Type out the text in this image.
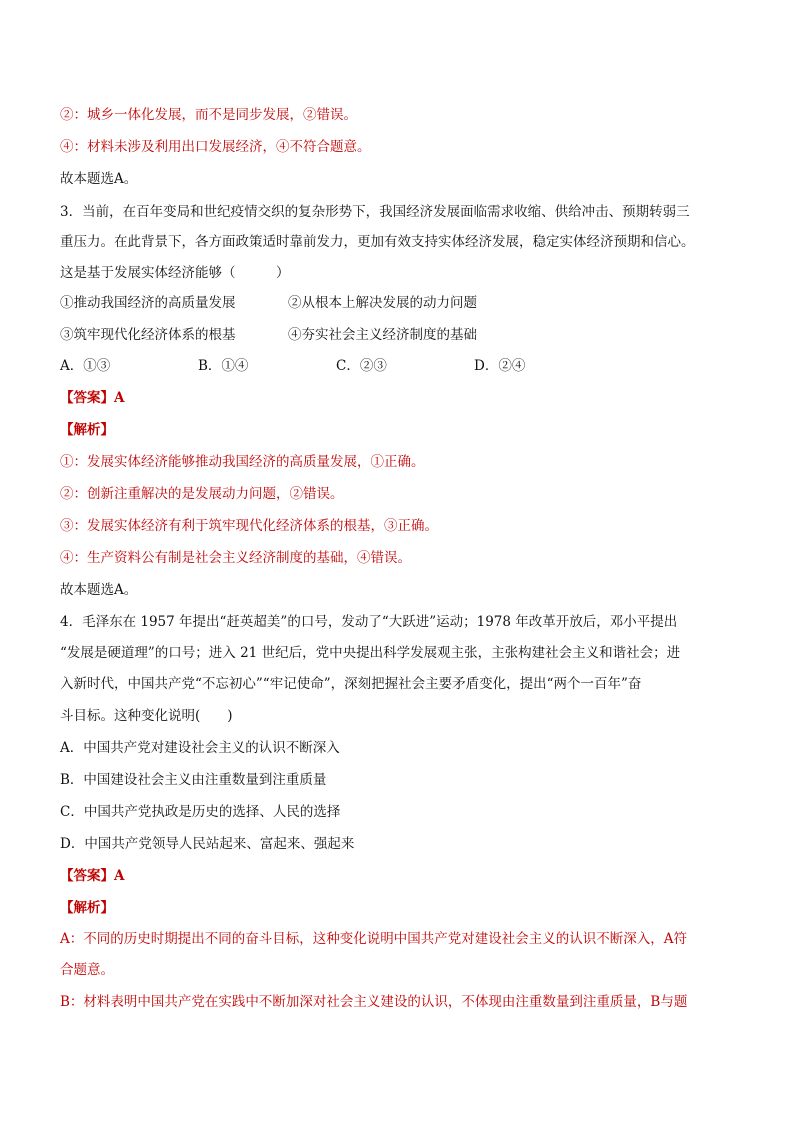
②：城乡一体化发展，而不是同步发展，②错误。
④：材料未涉及利用出口发展经济，④不符合题意。
故本题选A。
3．当前，在百年变局和世纪疫情交织的复杂形势下，我国经济发展面临需求收缩、供给冲击、预期转弱三
重压力。在此背景下，各方面政策适时靠前发力，更加有效支持实体经济发展，稳定实体经济预期和信心。
这是基于发展实体经济能够（　　　）
①推动我国经济的高质量发展	②从根本上解决发展的动力问题
③筑牢现代化经济体系的根基	④夯实社会主义经济制度的基础
A．①③	B．①④	C．②③	D．②④
【答案】A
【解析】
①：发展实体经济能够推动我国经济的高质量发展，①正确。
②：创新注重解决的是发展动力问题，②错误。
③：发展实体经济有利于筑牢现代化经济体系的根基，③正确。
④：生产资料公有制是社会主义经济制度的基础，④错误。
故本题选A。
4．毛泽东在 1957 年提出“赶英超美”的口号，发动了“大跃进”运动；1978 年改革开放后，邓小平提出
“发展是硬道理”的口号；进入 21 世纪后，党中央提出科学发展观主张，主张构建社会主义和谐社会；进
入新时代，中国共产党“不忘初心”“牢记使命”，深刻把握社会主要矛盾变化，提出“两个一百年”奋
斗目标。这种变化说明(　　)
A．中国共产党对建设社会主义的认识不断深入
B．中国建设社会主义由注重数量到注重质量
C．中国共产党执政是历史的选择、人民的选择
D．中国共产党领导人民站起来、富起来、强起来
【答案】A
【解析】
A：不同的历史时期提出不同的奋斗目标，这种变化说明中国共产党对建设社会主义的认识不断深入，A符
合题意。
B：材料表明中国共产党在实践中不断加深对社会主义建设的认识，不体现由注重数量到注重质量，B与题
